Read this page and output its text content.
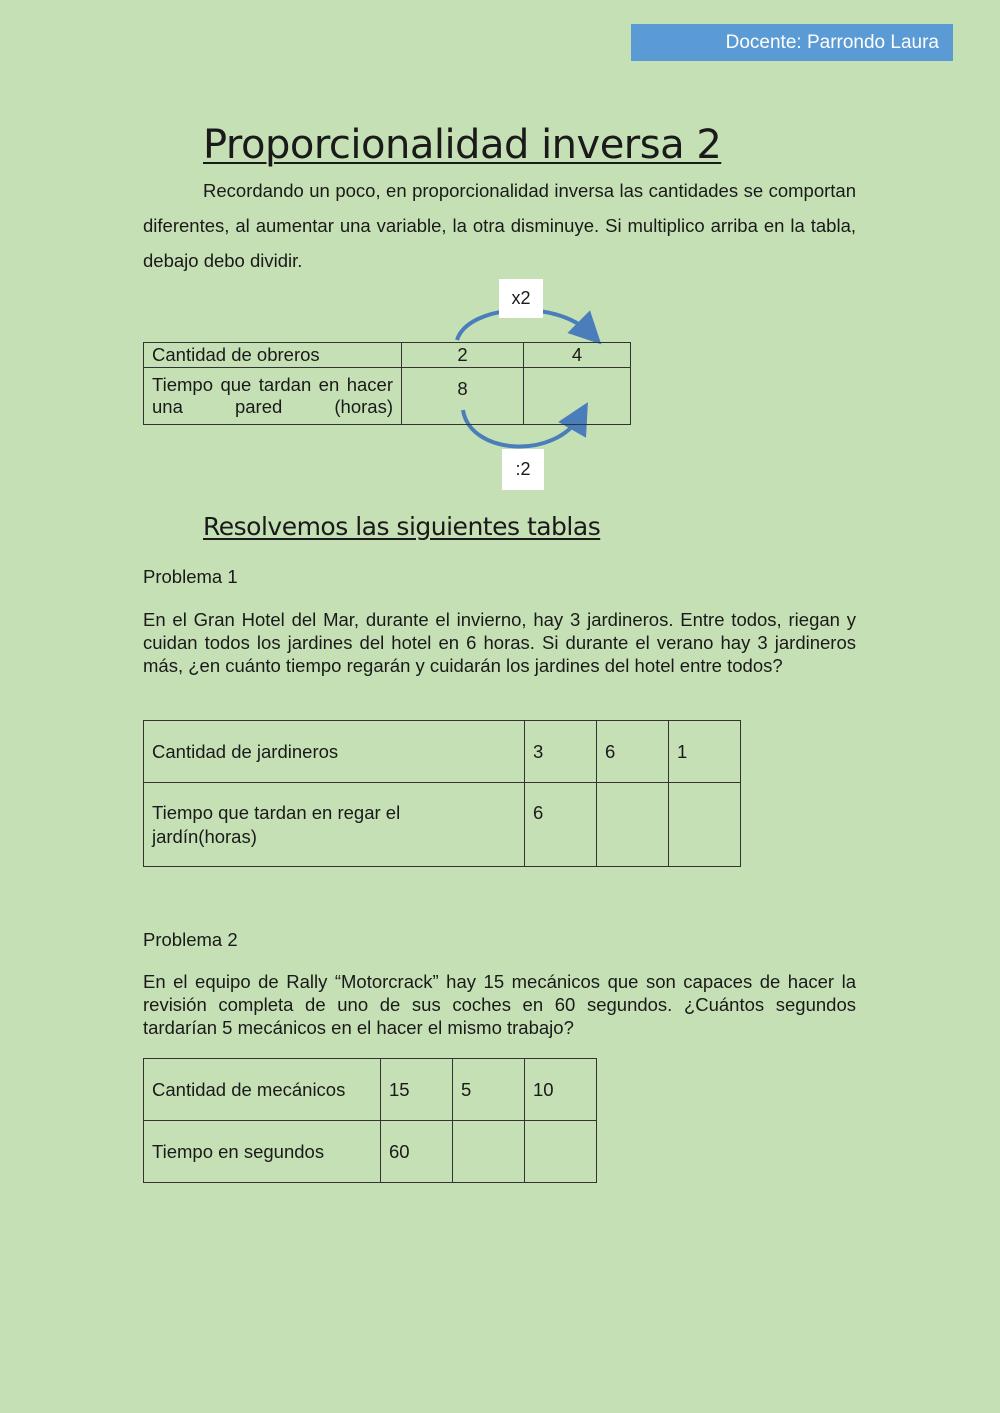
Docente: Parrondo Laura
Proporcionalidad inversa 2

Recordando un poco, en proporcionalidad inversa las cantidades se comportan diferentes, al aumentar una variable, la otra disminuye. Si multiplico arriba en la tabla, debajo debo dividir.

x2
Cantidad de obreros	2	4
Tiempo que tardan en hacer una pared (horas)	8	
:2
Resolvemos las siguientes tablas
Problema 1

En el Gran Hotel del Mar, durante el invierno, hay 3 jardineros. Entre todos, riegan y cuidan todos los jardines del hotel en 6 horas. Si durante el verano hay 3 jardineros más, ¿en cuánto tiempo regarán y cuidarán los jardines del hotel entre todos?

Cantidad de jardineros	3	6	1

Tiempo que tardan en regar el jardín(horas)	6		
Problema 2

En el equipo de Rally “Motorcrack” hay 15 mecánicos que son capaces de hacer la revisión completa de uno de sus coches en 60 segundos. ¿Cuántos segundos tardarían 5 mecánicos en el hacer el mismo trabajo?

Cantidad de mecánicos	15	5	10
Tiempo en segundos	60		
